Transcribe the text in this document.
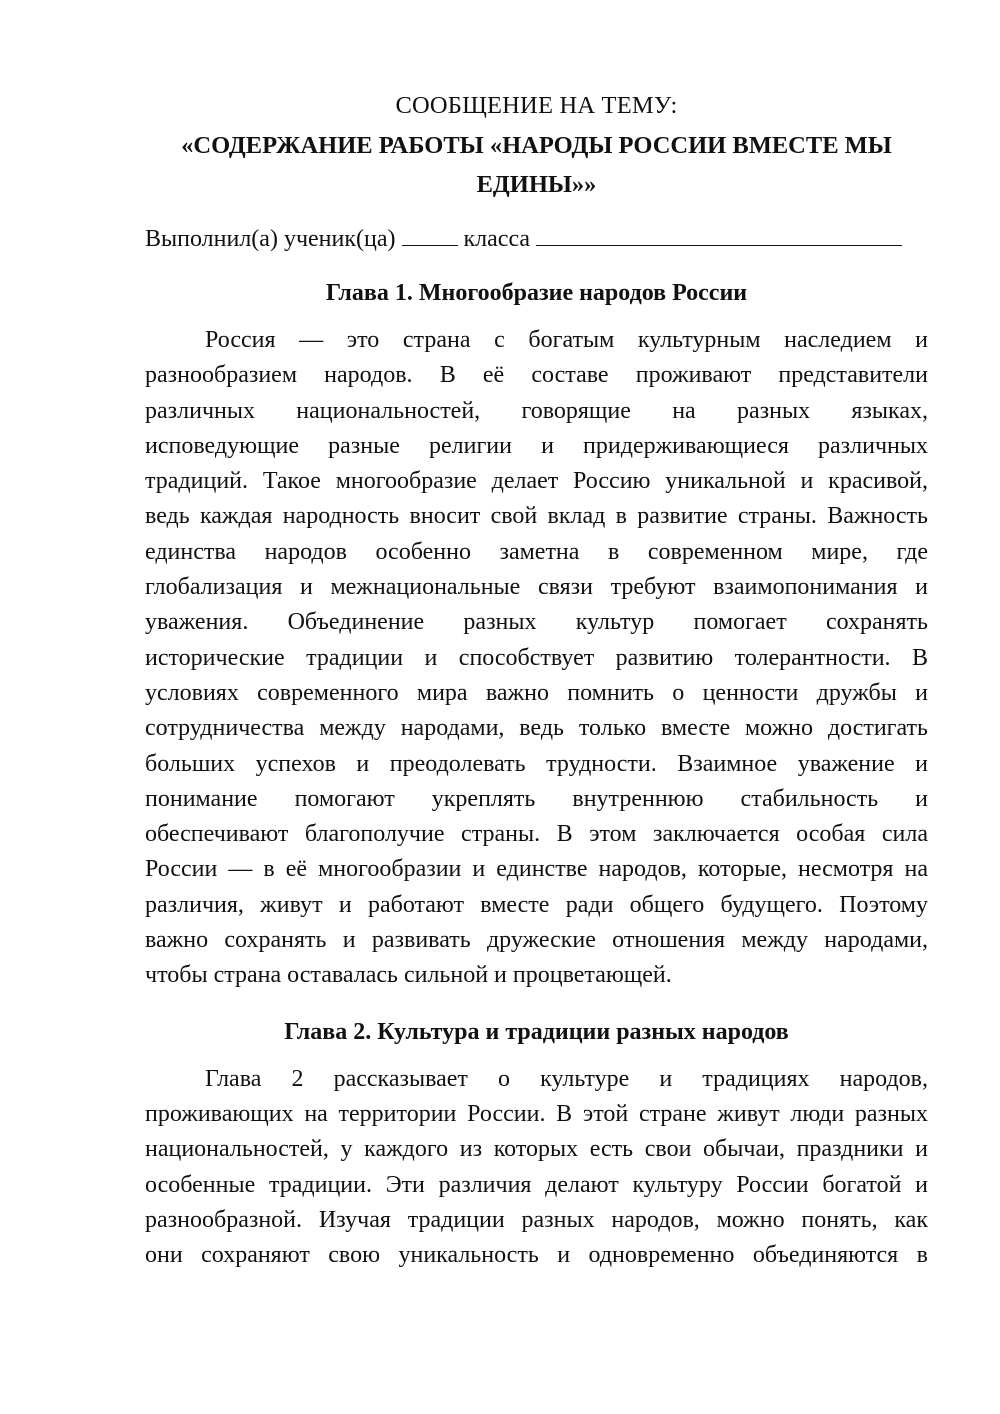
СООБЩЕНИЕ НА ТЕМУ:

«СОДЕРЖАНИЕ РАБОТЫ «НАРОДЫ РОССИИ ВМЕСТЕ МЫ
ЕДИНЫ»»
Выполнил(а) ученик(ца)	класса
Глава 1. Многообразие народов России
Россия — это страна с богатым культурным наследием и
разнообразием народов. В её составе проживают представители
различных национальностей, говорящие на разных языках,
исповедующие разные религии и придерживающиеся различных
традиций. Такое многообразие делает Россию уникальной и красивой,
ведь каждая народность вносит свой вклад в развитие страны. Важность
единства народов особенно заметна в современном мире, где
глобализация и межнациональные связи требуют взаимопонимания и
уважения. Объединение разных культур помогает сохранять
исторические традиции и способствует развитию толерантности. В
условиях современного мира важно помнить о ценности дружбы и
сотрудничества между народами, ведь только вместе можно достигать
больших успехов и преодолевать трудности. Взаимное уважение и
понимание помогают укреплять внутреннюю стабильность и
обеспечивают благополучие страны. В этом заключается особая сила
России — в её многообразии и единстве народов, которые, несмотря на
различия, живут и работают вместе ради общего будущего. Поэтому
важно сохранять и развивать дружеские отношения между народами,
чтобы страна оставалась сильной и процветающей.
Глава 2. Культура и традиции разных народов
Глава 2 рассказывает о культуре и традициях народов,
проживающих на территории России. В этой стране живут люди разных
национальностей, у каждого из которых есть свои обычаи, праздники и
особенные традиции. Эти различия делают культуру России богатой и
разнообразной. Изучая традиции разных народов, можно понять, как
они сохраняют свою уникальность и одновременно объединяются в
